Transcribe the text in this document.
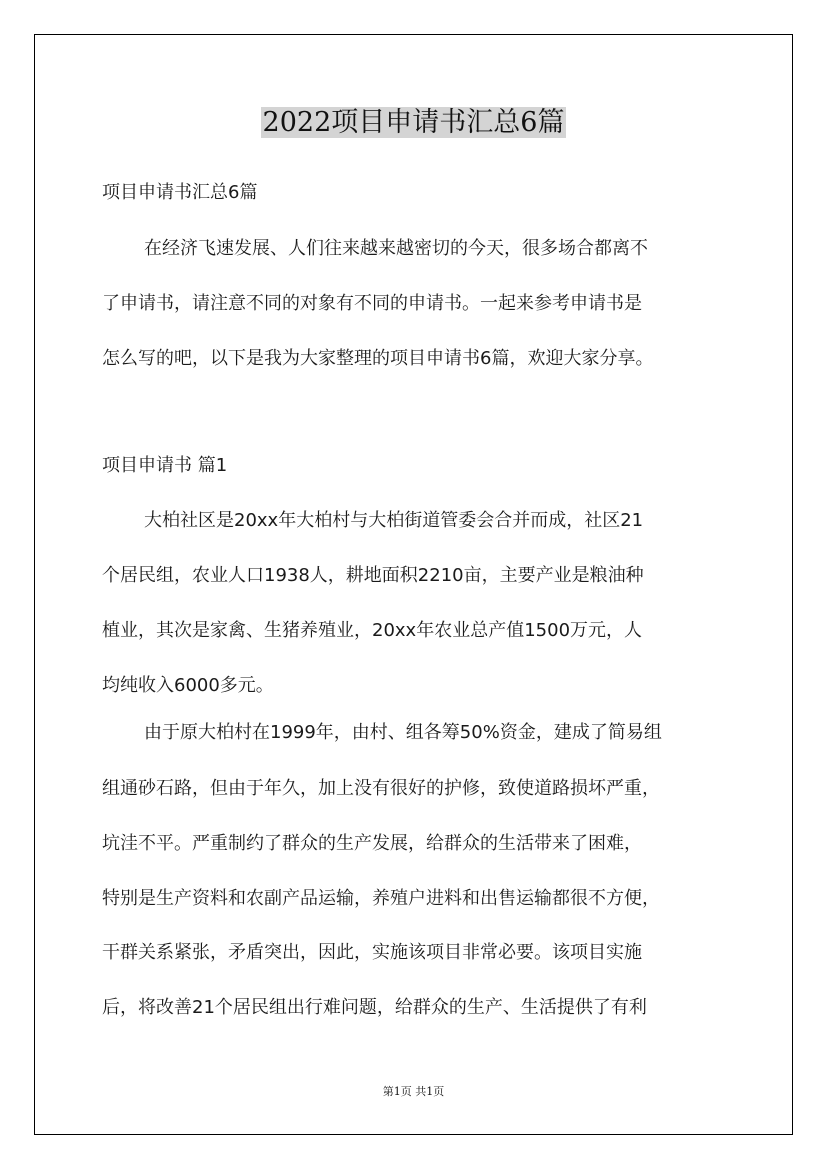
2022项目申请书汇总6篇
项目申请书汇总6篇
在经济飞速发展、人们往来越来越密切的今天，很多场合都离不
了申请书，请注意不同的对象有不同的申请书。一起来参考申请书是
怎么写的吧，以下是我为大家整理的项目申请书6篇，欢迎大家分享。
项目申请书 篇1
大柏社区是20xx年大柏村与大柏街道管委会合并而成，社区21
个居民组，农业人口1938人，耕地面积2210亩，主要产业是粮油种
植业，其次是家禽、生猪养殖业，20xx年农业总产值1500万元，人
均纯收入6000多元。
由于原大柏村在1999年，由村、组各筹50%资金，建成了简易组
组通砂石路，但由于年久，加上没有很好的护修，致使道路损坏严重，
坑洼不平。严重制约了群众的生产发展，给群众的生活带来了困难，
特别是生产资料和农副产品运输，养殖户进料和出售运输都很不方便，
干群关系紧张，矛盾突出，因此，实施该项目非常必要。该项目实施
后，将改善21个居民组出行难问题，给群众的生产、生活提供了有利
第1页 共1页
